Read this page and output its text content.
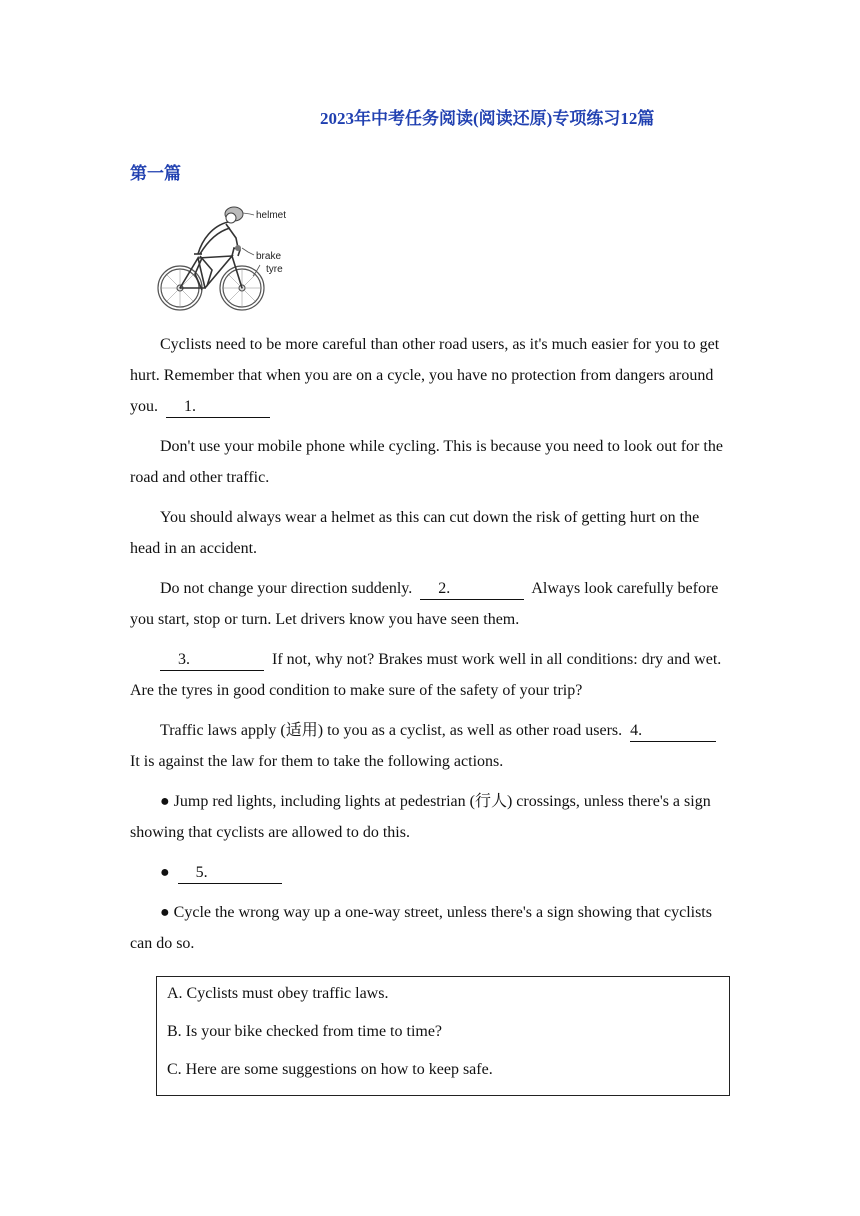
2023年中考任务阅读(阅读还原)专项练习12篇
第一篇
helmet
brake
tyre

Cyclists need to be more careful than other road users, as it's much easier for you to get hurt. Remember that when you are on a cycle, you have no protection from dangers around you. 1.

Don't use your mobile phone while cycling. This is because you need to look out for the road and other traffic.

You should always wear a helmet as this can cut down the risk of getting hurt on the head in an accident.

Do not change your direction suddenly. 2.	Always look carefully before you start, stop or turn. Let drivers know you have seen them.

3.	If not, why not? Brakes must work well in all conditions: dry and wet. Are the tyres in good condition to make sure of the safety of your trip?

Traffic laws apply (适用) to you as a cyclist, as well as other road users. 4.  It is against the law for them to take the following actions.

● Jump red lights, including lights at pedestrian (行人) crossings, unless there's a sign showing that cyclists are allowed to do this.

● 5.

● Cycle the wrong way up a one-way street, unless there's a sign showing that cyclists can do so.

A. Cyclists must obey traffic laws.
B. Is your bike checked from time to time?
C. Here are some suggestions on how to keep safe.
